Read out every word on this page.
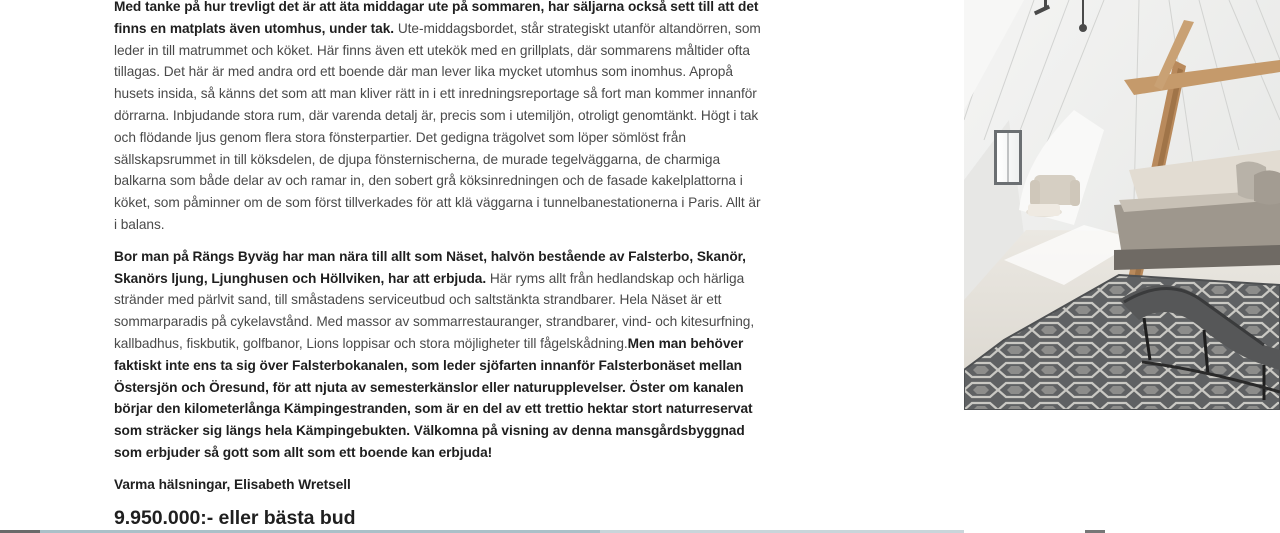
Med tanke på hur trevligt det är att äta middagar ute på sommaren, har säljarna också sett till att det finns en matplats även utomhus, under tak. Ute-middagsbordet, står strategiskt utanför altandörren, som leder in till matrummet och köket. Här finns även ett utekök med en grillplats, där sommarens måltider ofta tillagas. Det här är med andra ord ett boende där man lever lika mycket utomhus som inomhus. Apropå husets insida, så känns det som att man kliver rätt in i ett inredningsreportage så fort man kommer innanför dörrarna. Inbjudande stora rum, där varenda detalj är, precis som i utemiljön, otroligt genomtänkt. Högt i tak och flödande ljus genom flera stora fönsterpartier. Det gedigna trägolvet som löper sömlöst från sällskapsrummet in till köksdelen, de djupa fönsternischerna, de murade tegelväggarna, de charmiga balkarna som både delar av och ramar in, den sobert grå köksinredningen och de fasade kakelplattorna i köket, som påminner om de som först tillverkades för att klä väggarna i tunnelbanestationerna i Paris. Allt är i balans.

Bor man på Rängs Byväg har man nära till allt som Näset, halvön bestående av Falsterbo, Skanör, Skanörs ljung, Ljunghusen och Höllviken, har att erbjuda. Här ryms allt från hedlandskap och härliga stränder med pärlvit sand, till småstadens serviceutbud och saltstänkta strandbarer. Hela Näset är ett sommarparadis på cykelavstånd. Med massor av sommarrestauranger, strandbarer, vind- och kitesurfning, kallbadhus, fiskbutik, golfbanor, Lions loppisar och stora möjligheter till fågelskådning.Men man behöver faktiskt inte ens ta sig över Falsterbokanalen, som leder sjöfarten innanför Falsterbonäset mellan Östersjön och Öresund, för att njuta av semesterkänslor eller naturupplevelser. Öster om kanalen börjar den kilometerlånga Kämpingestranden, som är en del av ett trettio hektar stort naturreservat som sträcker sig längs hela Kämpingebukten. Välkomna på visning av denna mansgårdsbyggnad som erbjuder så gott som allt som ett boende kan erbjuda!

Varma hälsningar, Elisabeth Wretsell

9.950.000:- eller bästa bud
